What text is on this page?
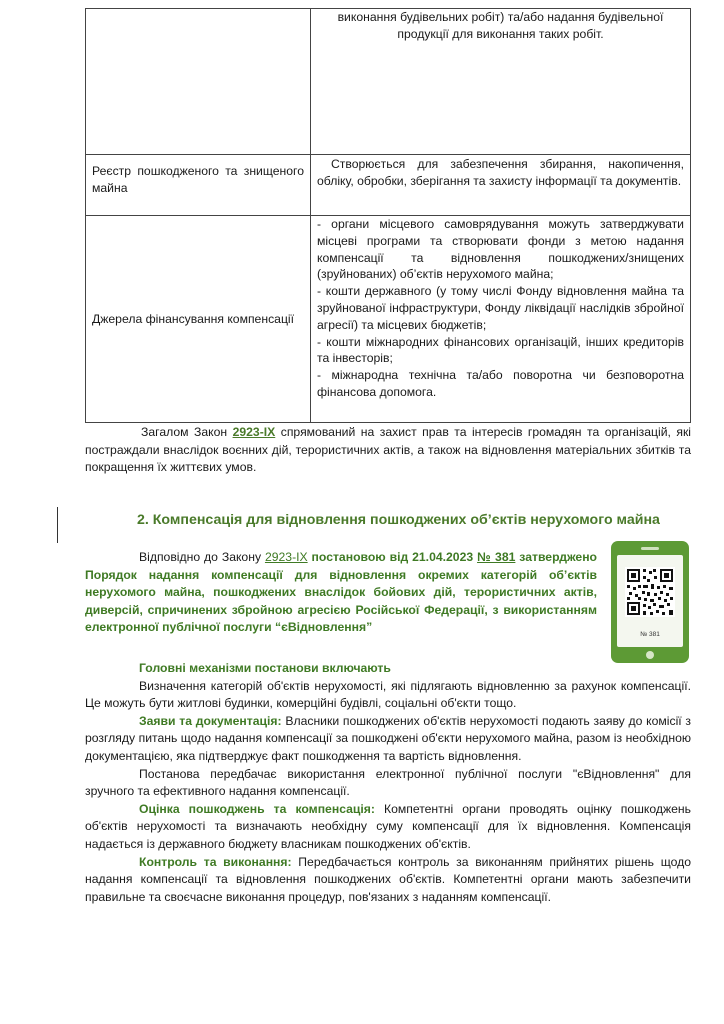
	виконання будівельних робіт) та/або надання будівельної
продукції для виконання таких робіт.

Реєстр пошкодженого та знищеного майна	Створюється для забезпечення збирання, накопичення, обліку, обробки, зберігання та захисту інформації та документів.
Джерела фінансування компенсації	- органи місцевого самоврядування можуть затверджувати місцеві програми та створювати фонди з метою надання компенсації та відновлення пошкоджених/знищених (зруйнованих) об’єктів нерухомого майна;

- кошти державного (у тому числі Фонду відновлення майна та зруйнованої інфраструктури, Фонду ліквідації наслідків збройної агресії) та місцевих бюджетів;

- кошти міжнародних фінансових організацій, інших кредиторів та інвесторів;

- міжнародна технічна та/або поворотна чи безповоротна фінансова допомога.

Загалом Закон 2923-IX спрямований на захист прав та інтересів громадян та організацій, які постраждали внаслідок воєнних дій, терористичних актів, а також на відновлення матеріальних збитків та покращення їх життєвих умов.

2. Компенсація для відновлення пошкоджених об’єктів нерухомого майна

Відповідно до Закону 2923-IX постановою від 21.04.2023 № 381 затверджено Порядок надання компенсації для відновлення окремих категорій об’єктів нерухомого майна, пошкоджених внаслідок бойових дій, терористичних актів, диверсій, спричинених збройною агресією Російської Федерації, з використанням електронної публічної послуги “єВідновлення”

№ 381

Головні механізми постанови включають

Визначення категорій об'єктів нерухомості, які підлягають відновленню за рахунок компенсації. Це можуть бути житлові будинки, комерційні будівлі, соціальні об'єкти тощо.

Заяви та документація: Власники пошкоджених об'єктів нерухомості подають заяву до комісії з розгляду питань щодо надання компенсації за пошкоджені об'єкти нерухомого майна, разом із необхідною документацією, яка підтверджує факт пошкодження та вартість відновлення.

Постанова передбачає використання електронної публічної послуги "єВідновлення" для зручного та ефективного надання компенсації.

Оцінка пошкоджень та компенсація: Компетентні органи проводять оцінку пошкоджень об'єктів нерухомості та визначають необхідну суму компенсації для їх відновлення. Компенсація надається із державного бюджету власникам пошкоджених об'єктів.

Контроль та виконання: Передбачається контроль за виконанням прийнятих рішень щодо надання компенсації та відновлення пошкоджених об'єктів. Компетентні органи мають забезпечити правильне та своєчасне виконання процедур, пов'язаних з наданням компенсації.
